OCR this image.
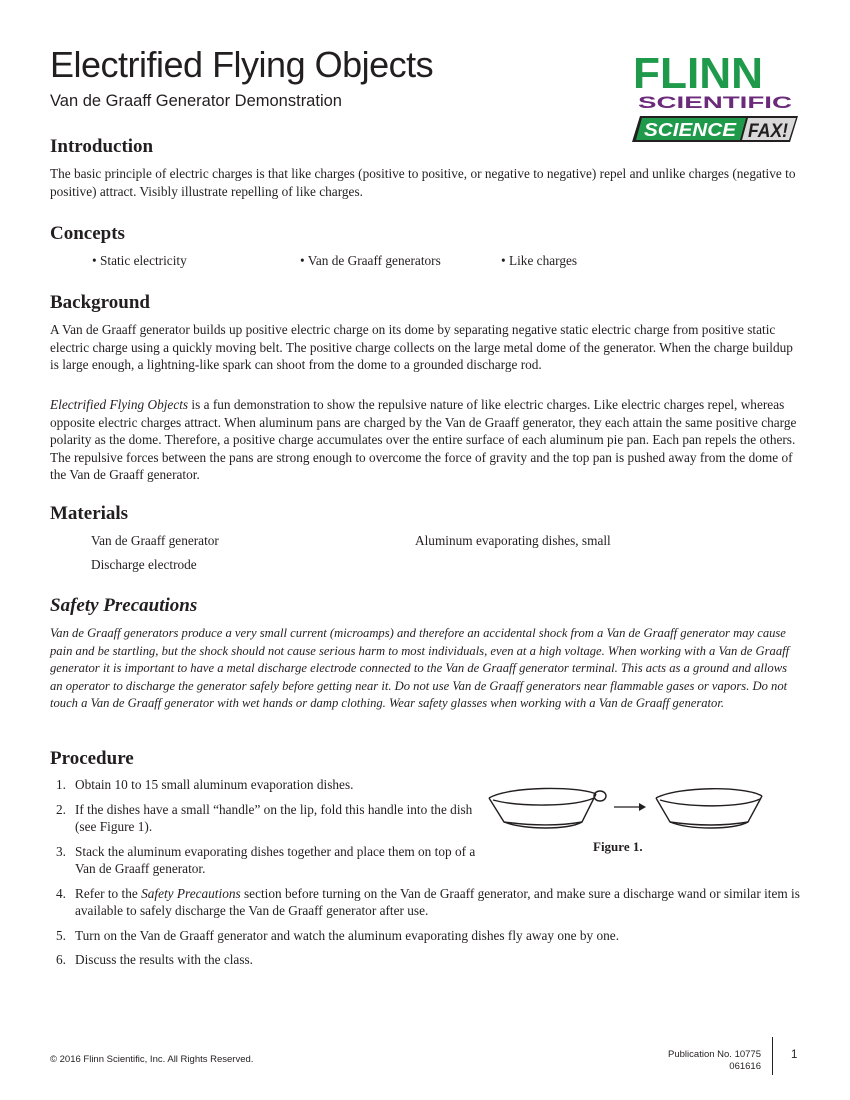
Electrified Flying Objects
Van de Graaff Generator Demonstration
FLINN
SCIENTIFIC
SCIENCE FAX!
Introduction
The basic principle of electric charges is that like charges (positive to positive, or negative to negative) repel and unlike charges (negative to positive) attract. Visibly illustrate repelling of like charges.
Concepts
• Static electricity	• Van de Graaff generators	• Like charges
Background
A Van de Graaff generator builds up positive electric charge on its dome by separating negative static electric charge from positive static electric charge using a quickly moving belt. The positive charge collects on the large metal dome of the generator. When the charge buildup is large enough, a lightning-like spark can shoot from the dome to a grounded discharge rod.
Electrified Flying Objects is a fun demonstration to show the repulsive nature of like electric charges. Like electric charges repel, whereas opposite electric charges attract. When aluminum pans are charged by the Van de Graaff generator, they each attain the same positive charge polarity as the dome. Therefore, a positive charge accumulates over the entire surface of each aluminum pie pan. Each pan repels the others. The repulsive forces between the pans are strong enough to overcome the force of gravity and the top pan is pushed away from the dome of the Van de Graaff generator.
Materials
Van de Graaff generator	Aluminum evaporating dishes, small
Discharge electrode
Safety Precautions
Van de Graaff generators produce a very small current (microamps) and therefore an accidental shock from a Van de Graaff generator may cause pain and be startling, but the shock should not cause serious harm to most individuals, even at a high voltage. When working with a Van de Graaff generator it is important to have a metal discharge electrode connected to the Van de Graaff generator terminal. This acts as a ground and allows an operator to discharge the generator safely before getting near it. Do not use Van de Graaff generators near flammable gases or vapors. Do not touch a Van de Graaff generator with wet hands or damp clothing. Wear safety glasses when working with a Van de Graaff generator.
Procedure
1. Obtain 10 to 15 small aluminum evaporation dishes.
2. If the dishes have a small “handle” on the lip, fold this handle into the dish (see Figure 1).
3. Stack the aluminum evaporating dishes together and place them on top of a Van de Graaff generator.
4. Refer to the Safety Precautions section before turning on the Van de Graaff generator, and make sure a discharge wand or similar item is available to safely discharge the Van de Graaff generator after use.
5. Turn on the Van de Graaff generator and watch the aluminum evaporating dishes fly away one by one.
6. Discuss the results with the class.
Figure 1.
© 2016 Flinn Scientific, Inc. All Rights Reserved.	Publication No. 10775
061616
1
